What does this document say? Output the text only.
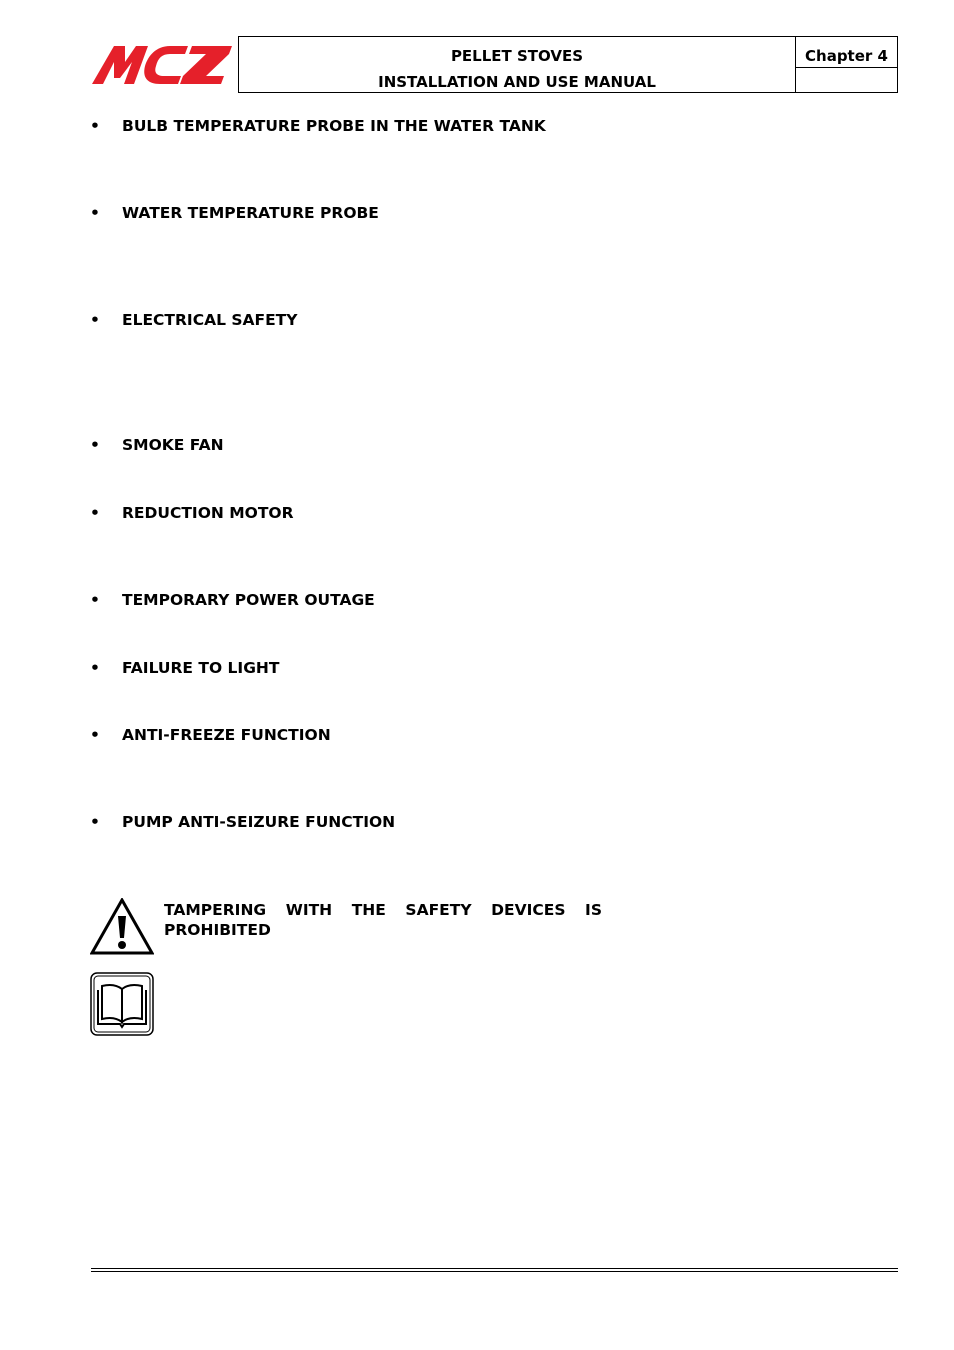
PELLET STOVES
INSTALLATION AND USE MANUAL
Chapter 4
• BULB TEMPERATURE PROBE IN THE WATER TANK
• WATER TEMPERATURE PROBE
• ELECTRICAL SAFETY
• SMOKE FAN
• REDUCTION MOTOR
• TEMPORARY POWER OUTAGE
• FAILURE TO LIGHT
• ANTI-FREEZE FUNCTION
• PUMP ANTI-SEIZURE FUNCTION
TAMPERING WITH THE SAFETY DEVICES IS
PROHIBITED
